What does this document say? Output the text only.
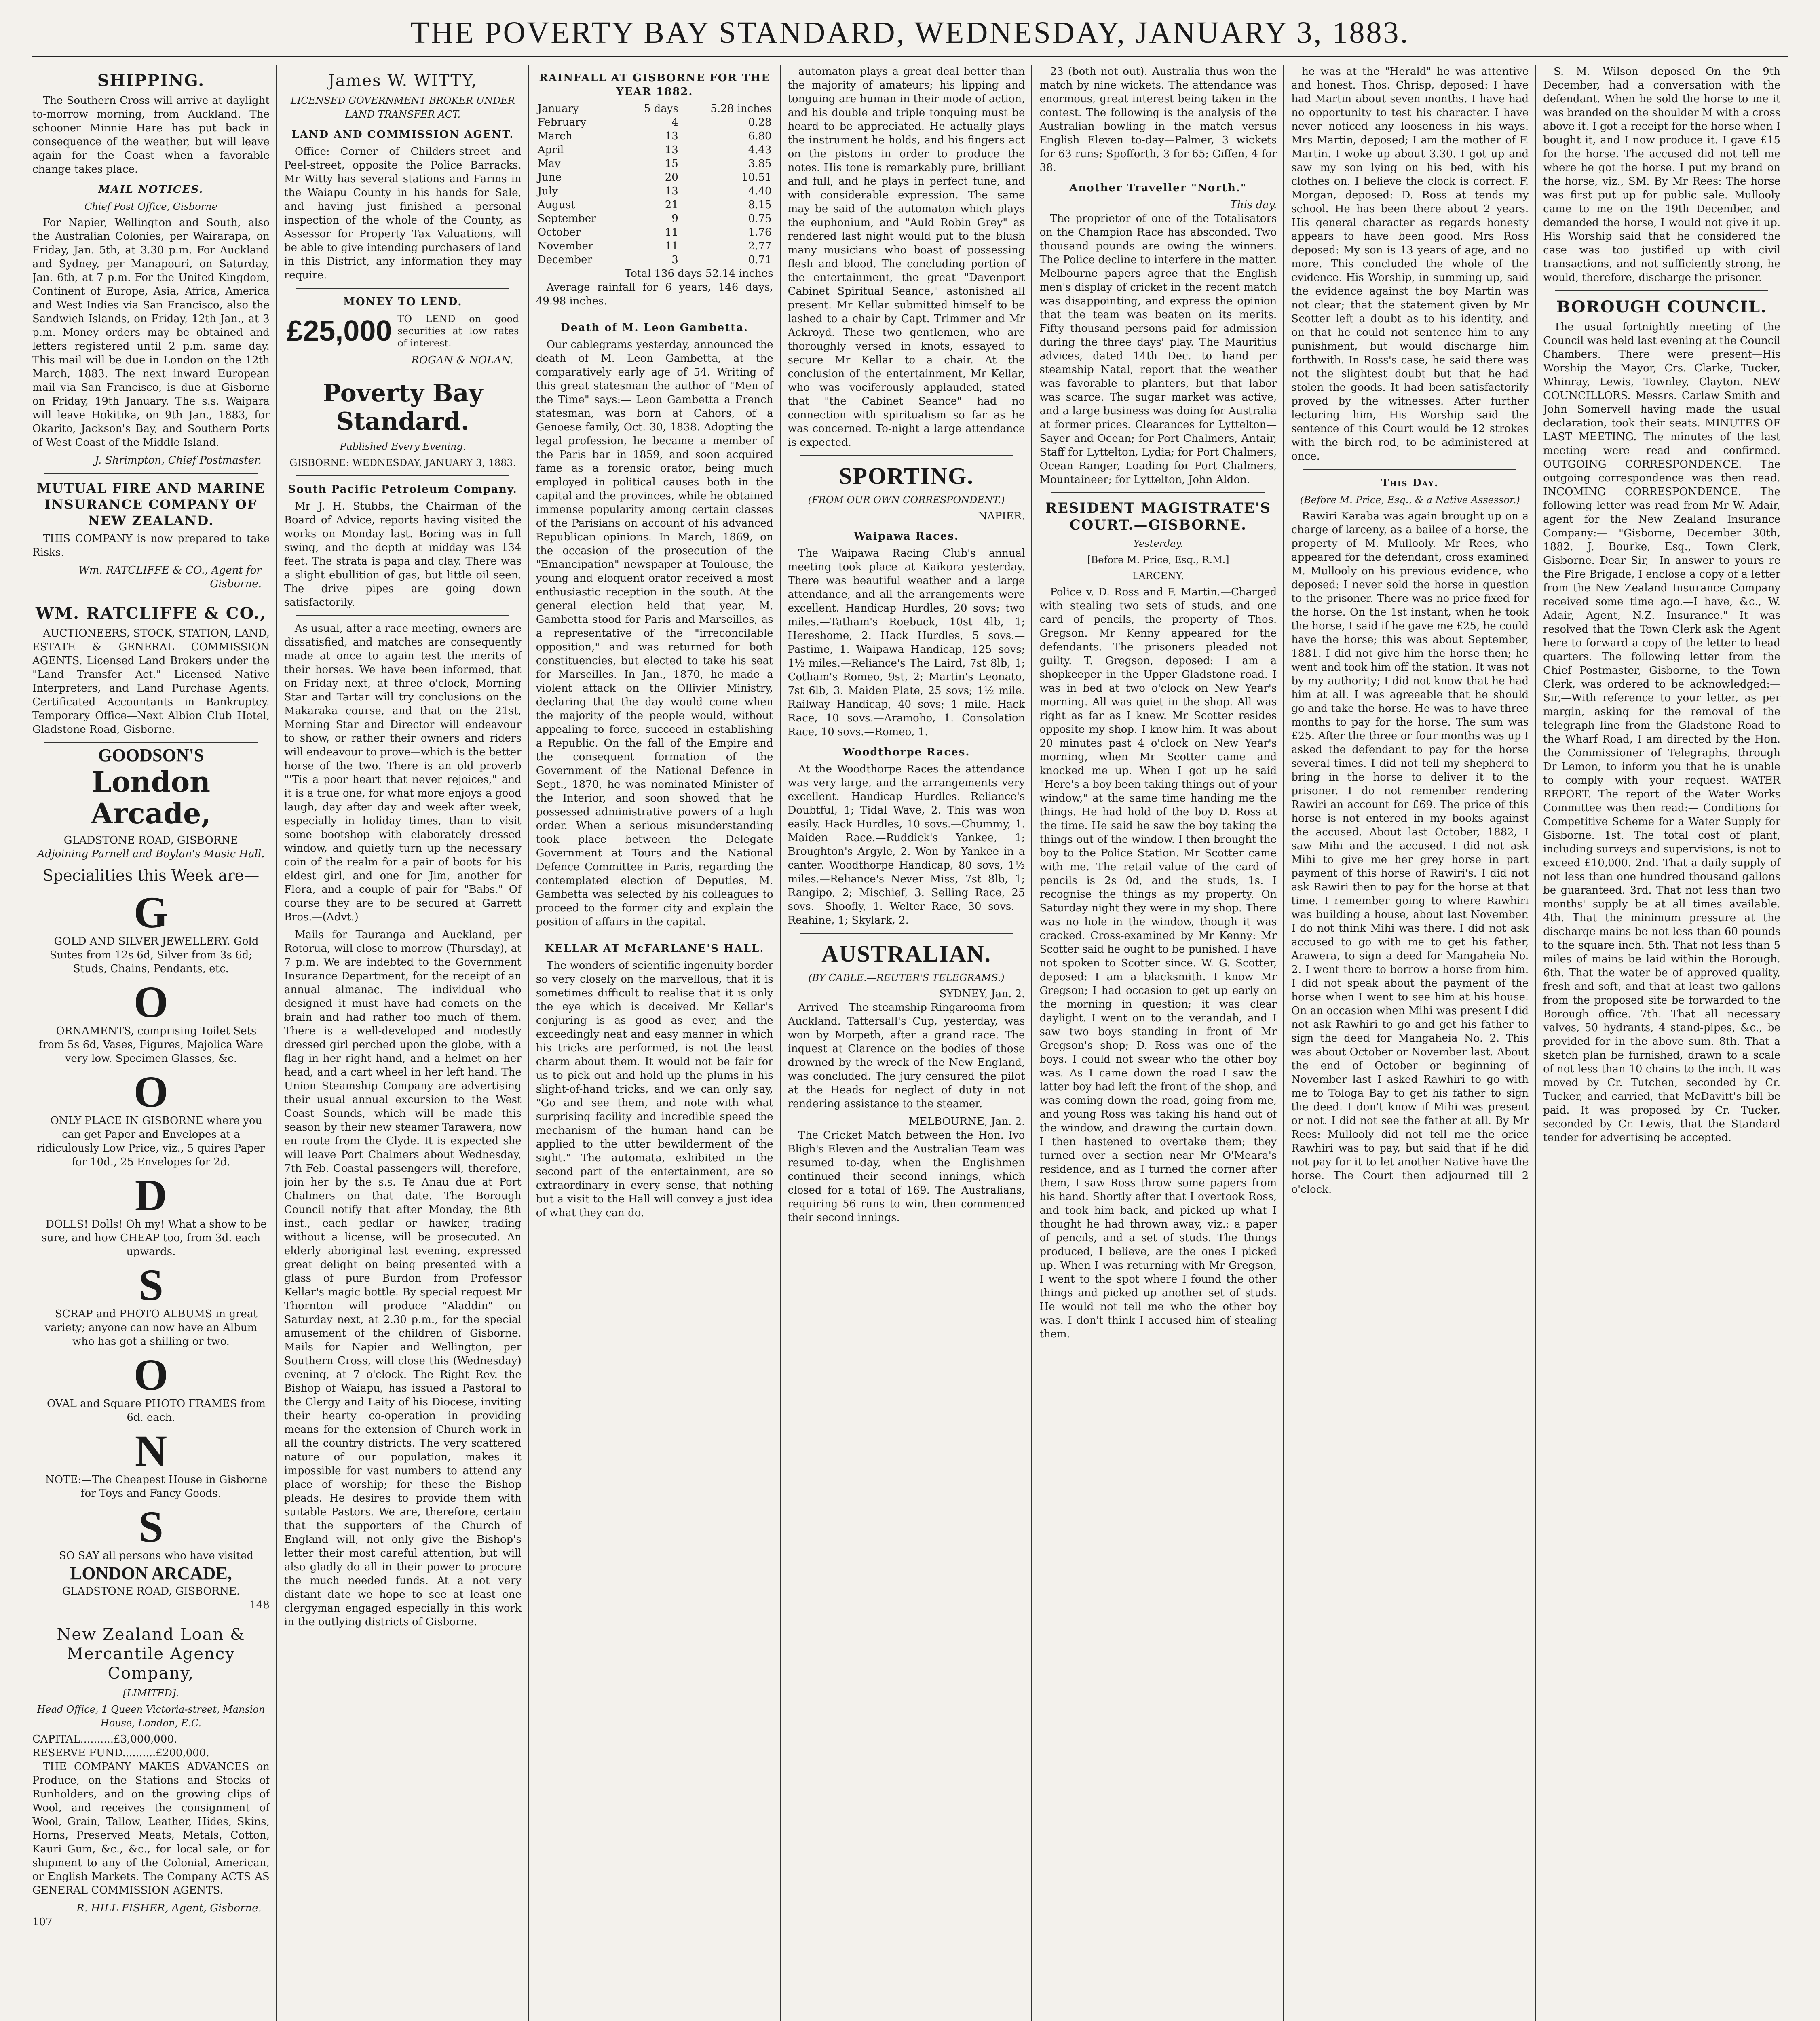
THE POVERTY BAY STANDARD, WEDNESDAY, JANUARY 3, 1883.
SHIPPING.

The Southern Cross will arrive at daylight to-morrow morning, from Auckland. The schooner Minnie Hare has put back in consequence of the weather, but will leave again for the Coast when a favorable change takes place.

MAIL NOTICES.
Chief Post Office, Gisborne

For Napier, Wellington and South, also the Australian Colonies, per Wairarapa, on Friday, Jan. 5th, at 3.30 p.m. For Auckland and Sydney, per Manapouri, on Saturday, Jan. 6th, at 7 p.m. For the United Kingdom, Continent of Europe, Asia, Africa, America and West Indies via San Francisco, also the Sandwich Islands, on Friday, 12th Jan., at 3 p.m. Money orders may be obtained and letters registered until 2 p.m. same day. This mail will be due in London on the 12th March, 1883. The next inward European mail via San Francisco, is due at Gisborne on Friday, 19th January. The s.s. Waipara will leave Hokitika, on 9th Jan., 1883, for Okarito, Jackson's Bay, and Southern Ports of West Coast of the Middle Island.

J. Shrimpton, Chief Postmaster.
MUTUAL FIRE AND MARINE INSURANCE COMPANY OF NEW ZEALAND.

THIS COMPANY is now prepared to take Risks.

Wm. RATCLIFFE & CO., Agent for Gisborne.
WM. RATCLIFFE & CO.,

AUCTIONEERS, STOCK, STATION, LAND, ESTATE & GENERAL COMMISSION AGENTS. Licensed Land Brokers under the "Land Transfer Act." Licensed Native Interpreters, and Land Purchase Agents. Certificated Accountants in Bankruptcy. Temporary Office—Next Albion Club Hotel, Gladstone Road, Gisborne.

GOODSON'S
London Arcade,
GLADSTONE ROAD, GISBORNE
Adjoining Parnell and Boylan's Music Hall.
Specialities this Week are—
G

GOLD AND SILVER JEWELLERY. Gold Suites from 12s 6d, Silver from 3s 6d; Studs, Chains, Pendants, etc.

O

ORNAMENTS, comprising Toilet Sets from 5s 6d, Vases, Figures, Majolica Ware very low. Specimen Glasses, &c.

O

ONLY PLACE IN GISBORNE where you can get Paper and Envelopes at a ridiculously Low Price, viz., 5 quires Paper for 10d., 25 Envelopes for 2d.

D

DOLLS! Dolls! Oh my! What a show to be sure, and how CHEAP too, from 3d. each upwards.

S

SCRAP and PHOTO ALBUMS in great variety; anyone can now have an Album who has got a shilling or two.

O

OVAL and Square PHOTO FRAMES from 6d. each.

N

NOTE:—The Cheapest House in Gisborne for Toys and Fancy Goods.

S

SO SAY all persons who have visited

LONDON ARCADE,
GLADSTONE ROAD, GISBORNE.
148
New Zealand Loan & Mercantile Agency Company,
[LIMITED].
Head Office, 1 Queen Victoria-street, Mansion House, London, E.C.
CAPITAL..........£3,000,000.
RESERVE FUND..........£200,000.

THE COMPANY MAKES ADVANCES on Produce, on the Stations and Stocks of Runholders, and on the growing clips of Wool, and receives the consignment of Wool, Grain, Tallow, Leather, Hides, Skins, Horns, Preserved Meats, Metals, Cotton, Kauri Gum, &c., &c., for local sale, or for shipment to any of the Colonial, American, or English Markets. The Company ACTS AS GENERAL COMMISSION AGENTS.

R. HILL FISHER, Agent, Gisborne.
107
James W. WITTY,
LICENSED GOVERNMENT BROKER UNDER LAND TRANSFER ACT.
LAND AND COMMISSION AGENT.

Office:—Corner of Childers-street and Peel-street, opposite the Police Barracks. Mr Witty has several stations and Farms in the Waiapu County in his hands for Sale, and having just finished a personal inspection of the whole of the County, as Assessor for Property Tax Valuations, will be able to give intending purchasers of land in this District, any information they may require.

MONEY TO LEND.
£25,000 TO LEND on good securities at low rates of interest.
ROGAN & NOLAN.
Poverty Bay Standard.
Published Every Evening.
GISBORNE: WEDNESDAY, JANUARY 3, 1883.
South Pacific Petroleum Company.

Mr J. H. Stubbs, the Chairman of the Board of Advice, reports having visited the works on Monday last. Boring was in full swing, and the depth at midday was 134 feet. The strata is papa and clay. There was a slight ebullition of gas, but little oil seen. The drive pipes are going down satisfactorily.

As usual, after a race meeting, owners are dissatisfied, and matches are consequently made at once to again test the merits of their horses. We have been informed, that on Friday next, at three o'clock, Morning Star and Tartar will try conclusions on the Makaraka course, and that on the 21st, Morning Star and Director will endeavour to show, or rather their owners and riders will endeavour to prove—which is the better horse of the two. There is an old proverb "'Tis a poor heart that never rejoices," and it is a true one, for what more enjoys a good laugh, day after day and week after week, especially in holiday times, than to visit some bootshop with elaborately dressed window, and quietly turn up the necessary coin of the realm for a pair of boots for his eldest girl, and one for Jim, another for Flora, and a couple of pair for "Babs." Of course they are to be secured at Garrett Bros.—(Advt.)

Mails for Tauranga and Auckland, per Rotorua, will close to-morrow (Thursday), at 7 p.m. We are indebted to the Government Insurance Department, for the receipt of an annual almanac. The individual who designed it must have had comets on the brain and had rather too much of them. There is a well-developed and modestly dressed girl perched upon the globe, with a flag in her right hand, and a helmet on her head, and a cart wheel in her left hand. The Union Steamship Company are advertising their usual annual excursion to the West Coast Sounds, which will be made this season by their new steamer Tarawera, now en route from the Clyde. It is expected she will leave Port Chalmers about Wednesday, 7th Feb. Coastal passengers will, therefore, join her by the s.s. Te Anau due at Port Chalmers on that date. The Borough Council notify that after Monday, the 8th inst., each pedlar or hawker, trading without a license, will be prosecuted. An elderly aboriginal last evening, expressed great delight on being presented with a glass of pure Burdon from Professor Kellar's magic bottle. By special request Mr Thornton will produce "Aladdin" on Saturday next, at 2.30 p.m., for the special amusement of the children of Gisborne. Mails for Napier and Wellington, per Southern Cross, will close this (Wednesday) evening, at 7 o'clock. The Right Rev. the Bishop of Waiapu, has issued a Pastoral to the Clergy and Laity of his Diocese, inviting their hearty co-operation in providing means for the extension of Church work in all the country districts. The very scattered nature of our population, makes it impossible for vast numbers to attend any place of worship; for these the Bishop pleads. He desires to provide them with suitable Pastors. We are, therefore, certain that the supporters of the Church of England will, not only give the Bishop's letter their most careful attention, but will also gladly do all in their power to procure the much needed funds. At a not very distant date we hope to see at least one clergyman engaged especially in this work in the outlying districts of Gisborne.

RAINFALL AT GISBORNE FOR THE YEAR 1882.
January	5 days	5.28 inches
February	4	0.28
March	13	6.80
April	13	4.43
May	15	3.85
June	20	10.51
July	13	4.40
August	21	8.15
September	9	0.75
October	11	1.76
November	11	2.77
December	3	0.71
Total 136 days 52.14 inches

Average rainfall for 6 years, 146 days, 49.98 inches.

Death of M. Leon Gambetta.

Our cablegrams yesterday, announced the death of M. Leon Gambetta, at the comparatively early age of 54. Writing of this great statesman the author of "Men of the Time" says:— Leon Gambetta a French statesman, was born at Cahors, of a Genoese family, Oct. 30, 1838. Adopting the legal profession, he became a member of the Paris bar in 1859, and soon acquired fame as a forensic orator, being much employed in political causes both in the capital and the provinces, while he obtained immense popularity among certain classes of the Parisians on account of his advanced Republican opinions. In March, 1869, on the occasion of the prosecution of the "Emancipation" newspaper at Toulouse, the young and eloquent orator received a most enthusiastic reception in the south. At the general election held that year, M. Gambetta stood for Paris and Marseilles, as a representative of the "irreconcilable opposition," and was returned for both constituencies, but elected to take his seat for Marseilles. In Jan., 1870, he made a violent attack on the Ollivier Ministry, declaring that the day would come when the majority of the people would, without appealing to force, succeed in establishing a Republic. On the fall of the Empire and the consequent formation of the Government of the National Defence in Sept., 1870, he was nominated Minister of the Interior, and soon showed that he possessed administrative powers of a high order. When a serious misunderstanding took place between the Delegate Government at Tours and the National Defence Committee in Paris, regarding the contemplated election of Deputies, M. Gambetta was selected by his colleagues to proceed to the former city and explain the position of affairs in the capital.

KELLAR AT McFARLANE'S HALL.

The wonders of scientific ingenuity border so very closely on the marvellous, that it is sometimes difficult to realise that it is only the eye which is deceived. Mr Kellar's conjuring is as good as ever, and the exceedingly neat and easy manner in which his tricks are performed, is not the least charm about them. It would not be fair for us to pick out and hold up the plums in his slight-of-hand tricks, and we can only say, "Go and see them, and note with what surprising facility and incredible speed the mechanism of the human hand can be applied to the utter bewilderment of the sight." The automata, exhibited in the second part of the entertainment, are so extraordinary in every sense, that nothing but a visit to the Hall will convey a just idea of what they can do.

automaton plays a great deal better than the majority of amateurs; his lipping and tonguing are human in their mode of action, and his double and triple tonguing must be heard to be appreciated. He actually plays the instrument he holds, and his fingers act on the pistons in order to produce the notes. His tone is remarkably pure, brilliant and full, and he plays in perfect tune, and with considerable expression. The same may be said of the automaton which plays the euphonium, and "Auld Robin Grey" as rendered last night would put to the blush many musicians who boast of possessing flesh and blood. The concluding portion of the entertainment, the great "Davenport Cabinet Spiritual Seance," astonished all present. Mr Kellar submitted himself to be lashed to a chair by Capt. Trimmer and Mr Ackroyd. These two gentlemen, who are thoroughly versed in knots, essayed to secure Mr Kellar to a chair. At the conclusion of the entertainment, Mr Kellar, who was vociferously applauded, stated that "the Cabinet Seance" had no connection with spiritualism so far as he was concerned. To-night a large attendance is expected.

SPORTING.
(FROM OUR OWN CORRESPONDENT.)
NAPIER.
Waipawa Races.

The Waipawa Racing Club's annual meeting took place at Kaikora yesterday. There was beautiful weather and a large attendance, and all the arrangements were excellent. Handicap Hurdles, 20 sovs; two miles.—Tatham's Roebuck, 10st 4lb, 1; Hereshome, 2. Hack Hurdles, 5 sovs.—Pastime, 1. Waipawa Handicap, 125 sovs; 1½ miles.—Reliance's The Laird, 7st 8lb, 1; Cotham's Romeo, 9st, 2; Martin's Leonato, 7st 6lb, 3. Maiden Plate, 25 sovs; 1½ mile. Railway Handicap, 40 sovs; 1 mile. Hack Race, 10 sovs.—Aramoho, 1. Consolation Race, 10 sovs.—Romeo, 1.

Woodthorpe Races.

At the Woodthorpe Races the attendance was very large, and the arrangements very excellent. Handicap Hurdles.—Reliance's Doubtful, 1; Tidal Wave, 2. This was won easily. Hack Hurdles, 10 sovs.—Chummy, 1. Maiden Race.—Ruddick's Yankee, 1; Broughton's Argyle, 2. Won by Yankee in a canter. Woodthorpe Handicap, 80 sovs, 1½ miles.—Reliance's Never Miss, 7st 8lb, 1; Rangipo, 2; Mischief, 3. Selling Race, 25 sovs.—Shoofly, 1. Welter Race, 30 sovs.—Reahine, 1; Skylark, 2.

AUSTRALIAN.
(BY CABLE.—REUTER'S TELEGRAMS.)
SYDNEY, Jan. 2.

Arrived—The steamship Ringarooma from Auckland. Tattersall's Cup, yesterday, was won by Morpeth, after a grand race. The inquest at Clarence on the bodies of those drowned by the wreck of the New England, was concluded. The jury censured the pilot at the Heads for neglect of duty in not rendering assistance to the steamer.

MELBOURNE, Jan. 2.

The Cricket Match between the Hon. Ivo Bligh's Eleven and the Australian Team was resumed to-day, when the Englishmen continued their second innings, which closed for a total of 169. The Australians, requiring 56 runs to win, then commenced their second innings.

23 (both not out). Australia thus won the match by nine wickets. The attendance was enormous, great interest being taken in the contest. The following is the analysis of the Australian bowling in the match versus English Eleven to-day—Palmer, 3 wickets for 63 runs; Spofforth, 3 for 65; Giffen, 4 for 38.

Another Traveller "North."
This day.

The proprietor of one of the Totalisators on the Champion Race has absconded. Two thousand pounds are owing the winners. The Police decline to interfere in the matter. Melbourne papers agree that the English men's display of cricket in the recent match was disappointing, and express the opinion that the team was beaten on its merits. Fifty thousand persons paid for admission during the three days' play. The Mauritius advices, dated 14th Dec. to hand per steamship Natal, report that the weather was favorable to planters, but that labor was scarce. The sugar market was active, and a large business was doing for Australia at former prices. Clearances for Lyttelton—Sayer and Ocean; for Port Chalmers, Antair, Staff for Lyttelton, Lydia; for Port Chalmers, Ocean Ranger, Loading for Port Chalmers, Mountaineer; for Lyttelton, John Aldon.

RESIDENT MAGISTRATE'S COURT.—GISBORNE.
Yesterday.
[Before M. Price, Esq., R.M.]
LARCENY.

Police v. D. Ross and F. Martin.—Charged with stealing two sets of studs, and one card of pencils, the property of Thos. Gregson. Mr Kenny appeared for the defendants. The prisoners pleaded not guilty. T. Gregson, deposed: I am a shopkeeper in the Upper Gladstone road. I was in bed at two o'clock on New Year's morning. All was quiet in the shop. All was right as far as I knew. Mr Scotter resides opposite my shop. I know him. It was about 20 minutes past 4 o'clock on New Year's morning, when Mr Scotter came and knocked me up. When I got up he said "Here's a boy been taking things out of your window," at the same time handing me the things. He had hold of the boy D. Ross at the time. He said he saw the boy taking the things out of the window. I then brought the boy to the Police Station. Mr Scotter came with me. The retail value of the card of pencils is 2s 0d, and the studs, 1s. I recognise the things as my property. On Saturday night they were in my shop. There was no hole in the window, though it was cracked. Cross-examined by Mr Kenny: Mr Scotter said he ought to be punished. I have not spoken to Scotter since. W. G. Scotter, deposed: I am a blacksmith. I know Mr Gregson; I had occasion to get up early on the morning in question; it was clear daylight. I went on to the verandah, and I saw two boys standing in front of Mr Gregson's shop; D. Ross was one of the boys. I could not swear who the other boy was. As I came down the road I saw the latter boy had left the front of the shop, and was coming down the road, going from me, and young Ross was taking his hand out of the window, and drawing the curtain down. I then hastened to overtake them; they turned over a section near Mr O'Meara's residence, and as I turned the corner after them, I saw Ross throw some papers from his hand. Shortly after that I overtook Ross, and took him back, and picked up what I thought he had thrown away, viz.: a paper of pencils, and a set of studs. The things produced, I believe, are the ones I picked up. When I was returning with Mr Gregson, I went to the spot where I found the other things and picked up another set of studs. He would not tell me who the other boy was. I don't think I accused him of stealing them.

he was at the "Herald" he was attentive and honest. Thos. Chrisp, deposed: I have had Martin about seven months. I have had no opportunity to test his character. I have never noticed any looseness in his ways. Mrs Martin, deposed; I am the mother of F. Martin. I woke up about 3.30. I got up and saw my son lying on his bed, with his clothes on. I believe the clock is correct. F. Morgan, deposed: D. Ross at tends my school. He has been there about 2 years. His general character as regards honesty appears to have been good. Mrs Ross deposed: My son is 13 years of age, and no more. This concluded the whole of the evidence. His Worship, in summing up, said the evidence against the boy Martin was not clear; that the statement given by Mr Scotter left a doubt as to his identity, and on that he could not sentence him to any punishment, but would discharge him forthwith. In Ross's case, he said there was not the slightest doubt but that he had stolen the goods. It had been satisfactorily proved by the witnesses. After further lecturing him, His Worship said the sentence of this Court would be 12 strokes with the birch rod, to be administered at once.

This Day.
(Before M. Price, Esq., & a Native Assessor.)

Rawiri Karaba was again brought up on a charge of larceny, as a bailee of a horse, the property of M. Mullooly. Mr Rees, who appeared for the defendant, cross examined M. Mullooly on his previous evidence, who deposed: I never sold the horse in question to the prisoner. There was no price fixed for the horse. On the 1st instant, when he took the horse, I said if he gave me £25, he could have the horse; this was about September, 1881. I did not give him the horse then; he went and took him off the station. It was not by my authority; I did not know that he had him at all. I was agreeable that he should go and take the horse. He was to have three months to pay for the horse. The sum was £25. After the three or four months was up I asked the defendant to pay for the horse several times. I did not tell my shepherd to bring in the horse to deliver it to the prisoner. I do not remember rendering Rawiri an account for £69. The price of this horse is not entered in my books against the accused. About last October, 1882, I saw Mihi and the accused. I did not ask Mihi to give me her grey horse in part payment of this horse of Rawiri's. I did not ask Rawiri then to pay for the horse at that time. I remember going to where Rawhiri was building a house, about last November. I do not think Mihi was there. I did not ask accused to go with me to get his father, Arawera, to sign a deed for Mangaheia No. 2. I went there to borrow a horse from him. I did not speak about the payment of the horse when I went to see him at his house. On an occasion when Mihi was present I did not ask Rawhiri to go and get his father to sign the deed for Mangaheia No. 2. This was about October or November last. About the end of October or beginning of November last I asked Rawhiri to go with me to Tologa Bay to get his father to sign the deed. I don't know if Mihi was present or not. I did not see the father at all. By Mr Rees: Mullooly did not tell me the orice Rawhiri was to pay, but said that if he did not pay for it to let another Native have the horse. The Court then adjourned till 2 o'clock.

S. M. Wilson deposed—On the 9th December, had a conversation with the defendant. When he sold the horse to me it was branded on the shoulder M with a cross above it. I got a receipt for the horse when I bought it, and I now produce it. I gave £15 for the horse. The accused did not tell me where he got the horse. I put my brand on the horse, viz., SM. By Mr Rees: The horse was first put up for public sale. Mullooly came to me on the 19th December, and demanded the horse, I would not give it up. His Worship said that he considered the case was too justified up with civil transactions, and not sufficiently strong, he would, therefore, discharge the prisoner.

BOROUGH COUNCIL.

The usual fortnightly meeting of the Council was held last evening at the Council Chambers. There were present—His Worship the Mayor, Crs. Clarke, Tucker, Whinray, Lewis, Townley, Clayton. NEW COUNCILLORS. Messrs. Carlaw Smith and John Somervell having made the usual declaration, took their seats. MINUTES OF LAST MEETING. The minutes of the last meeting were read and confirmed. OUTGOING CORRESPONDENCE. The outgoing correspondence was then read. INCOMING CORRESPONDENCE. The following letter was read from Mr W. Adair, agent for the New Zealand Insurance Company:— "Gisborne, December 30th, 1882. J. Bourke, Esq., Town Clerk, Gisborne. Dear Sir,—In answer to yours re the Fire Brigade, I enclose a copy of a letter from the New Zealand Insurance Company received some time ago.—I have, &c., W. Adair, Agent, N.Z. Insurance." It was resolved that the Town Clerk ask the Agent here to forward a copy of the letter to head quarters. The following letter from the Chief Postmaster, Gisborne, to the Town Clerk, was ordered to be acknowledged:— Sir,—With reference to your letter, as per margin, asking for the removal of the telegraph line from the Gladstone Road to the Wharf Road, I am directed by the Hon. the Commissioner of Telegraphs, through Dr Lemon, to inform you that he is unable to comply with your request. WATER REPORT. The report of the Water Works Committee was then read:— Conditions for Competitive Scheme for a Water Supply for Gisborne. 1st. The total cost of plant, including surveys and supervisions, is not to exceed £10,000. 2nd. That a daily supply of not less than one hundred thousand gallons be guaranteed. 3rd. That not less than two months' supply be at all times available. 4th. That the minimum pressure at the discharge mains be not less than 60 pounds to the square inch. 5th. That not less than 5 miles of mains be laid within the Borough. 6th. That the water be of approved quality, fresh and soft, and that at least two gallons from the proposed site be forwarded to the Borough office. 7th. That all necessary valves, 50 hydrants, 4 stand-pipes, &c., be provided for in the above sum. 8th. That a sketch plan be furnished, drawn to a scale of not less than 10 chains to the inch. It was moved by Cr. Tutchen, seconded by Cr. Tucker, and carried, that McDavitt's bill be paid. It was proposed by Cr. Tucker, seconded by Cr. Lewis, that the Standard tender for advertising be accepted.
